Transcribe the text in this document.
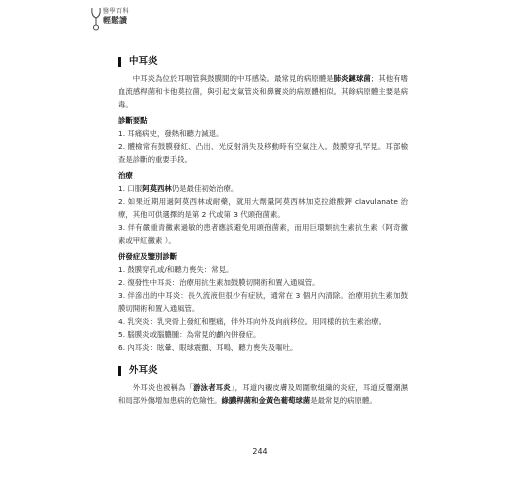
醫學百科
輕鬆讀
中耳炎

中耳炎為位於耳咽管與鼓膜間的中耳感染。最常見的病原體是肺炎鏈球菌；其他有嗜血流感桿菌和卡他莫拉菌，與引起支氣管炎和鼻竇炎的病原體相似。其餘病原體主要是病毒。

診斷要點

1. 耳痛病史，發熱和聽力減退。

2. 體檢常有鼓膜發紅、凸出、光反射消失及移動時有空氣注入。鼓膜穿孔罕見。耳部檢查是診斷的重要手段。

治療

1. 口服阿莫西林仍是最佳初始治療。

2. 如果近期用過阿莫西林或耐藥，就用大劑量阿莫西林加克拉維酸鉀 clavulanate 治療，其他可供選擇的是第 2 代或第 3 代頭孢菌素。

3. 伴有嚴重青黴素過敏的患者應該避免用頭孢菌素，而用巨環類抗生素抗生素（阿奇黴素或甲紅黴素 ）。

併發症及鑒別診斷

1. 鼓膜穿孔或/和聽力喪失：常見。

2. 復發性中耳炎：治療用抗生素加鼓膜切開術和置入通風管。

3. 伴滲出的中耳炎：長久流液但很少有症狀，通常在 3 個月內清除。治療用抗生素加鼓膜切開術和置入通風管。

4. 乳突炎：乳突骨上發紅和壓痛，伴外耳向外及向前移位。用同樣的抗生素治療。

5. 腦膜炎或腦膿腫：為常見的顱內併發症。

6. 內耳炎：眩暈、眼球震顫、耳鳴、聽力喪失及嘔吐。

外耳炎

外耳炎也被稱為「游泳者耳炎」，耳道內襯皮膚及周圍軟組織的炎症，耳道反覆潮濕和局部外傷增加患病的危險性。綠膿桿菌和金黃色葡萄球菌是最常見的病原體。

244
